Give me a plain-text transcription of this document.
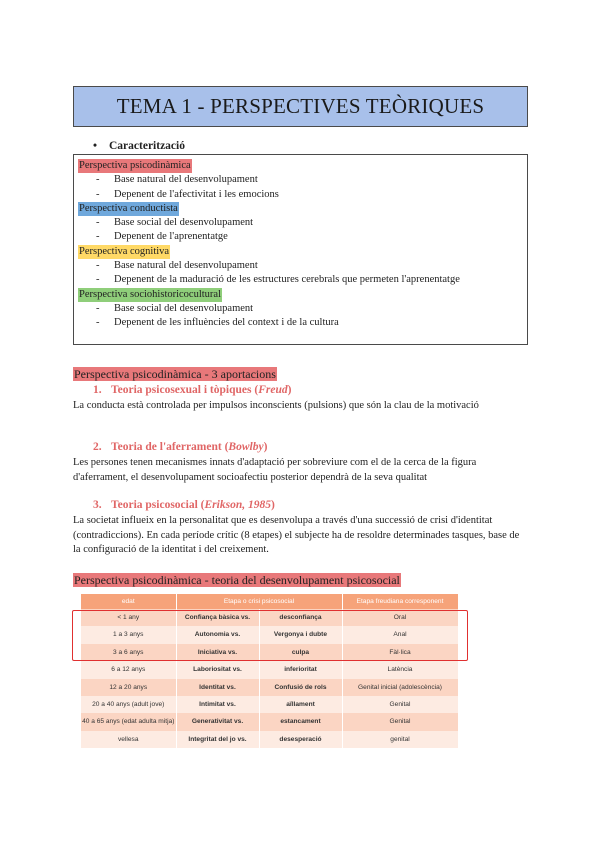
TEMA 1 - PERSPECTIVES TEÒRIQUES
• Caracterització
Perspectiva psicodinàmica
- Base natural del desenvolupament
- Depenent de l'afectivitat i les emocions
Perspectiva conductista
- Base social del desenvolupament
- Depenent de l'aprenentatge
Perspectiva cognitiva
- Base natural del desenvolupament
- Depenent de la maduració de les estructures cerebrals que permeten l'aprenentatge
Perspectiva sociohistoricocultural
- Base social del desenvolupament
- Depenent de les influències del context i de la cultura
Perspectiva psicodinàmica - 3 aportacions
1. Teoria psicosexual i tòpiques (Freud)
La conducta està controlada per impulsos inconscients (pulsions) que són la clau de la motivació
2. Teoria de l'aferrament (Bowlby)
Les persones tenen mecanismes innats d'adaptació per sobreviure com el de la cerca de la figura d'aferrament, el desenvolupament socioafectiu posterior dependrà de la seva qualitat
3. Teoria psicosocial (Erikson, 1985)
La societat influeix en la personalitat que es desenvolupa a través d'una successió de crisi d'identitat (contradiccions). En cada període crític (8 etapes) el subjecte ha de resoldre determinades tasques, base de la configuració de la identitat i del creixement.
Perspectiva psicodinàmica - teoria del desenvolupament psicosocial
edat	Etapa o crisi psicosocial		Etapa freudiana corresponent
< 1 any	Confiança bàsica vs.	desconfiança	Oral
1 a 3 anys	Autonomia vs.	Vergonya i dubte	Anal
3 a 6 anys	Iniciativa vs.	culpa	Fàl·lica
6 a 12 anys	Laboriositat vs.	inferioritat	Latència
12 a 20 anys	Identitat vs.	Confusió de rols	Genital inicial (adolescència)
20 a 40 anys (adult jove)	Intimitat vs.	aïllament	Genital
40 a 65 anys (edat adulta mitja)	Generativitat vs.	estancament	Genital
vellesa	Integritat del jo vs.	desesperació	genital
